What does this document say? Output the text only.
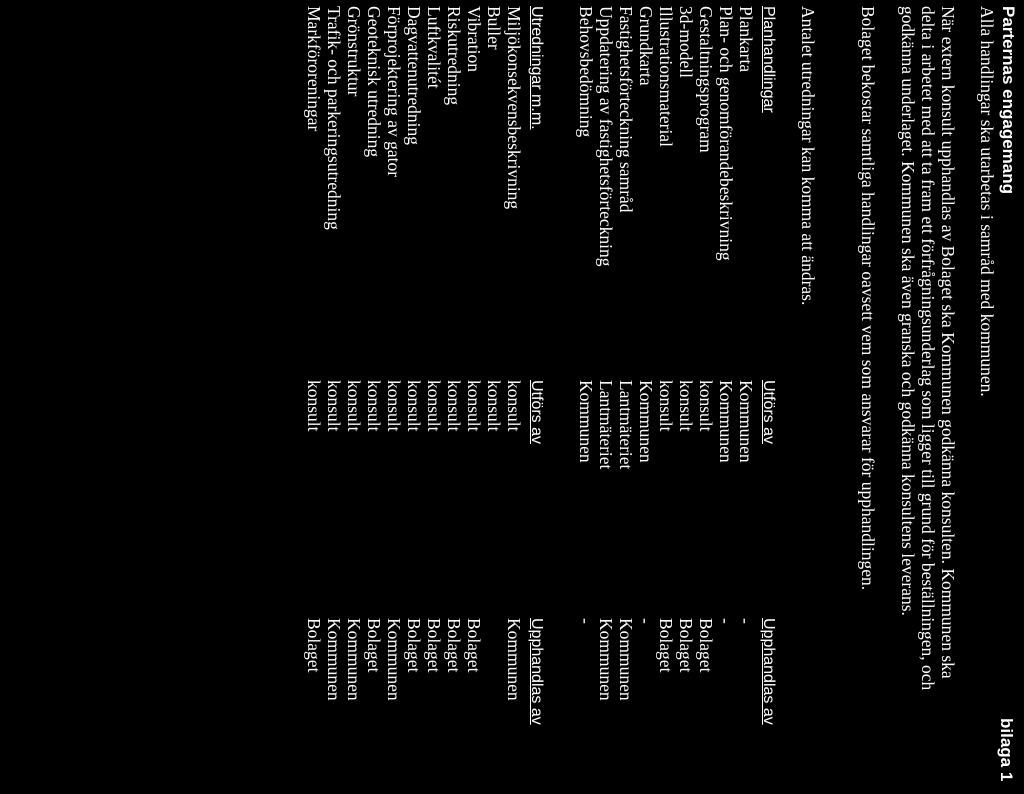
bilaga 1
Parternas engagemang
Alla handlingar ska utarbetas i samråd med kommunen.
När extern konsult upphandlas av Bolaget ska Kommunen godkänna konsulten. Kommunen ska delta i arbetet med att ta fram ett förfrågningsunderlag som ligger till grund för beställningen, och godkänna underlaget. Kommunen ska även granska och godkänna konsultens leverans.
Bolaget bekostar samtliga handlingar oavsett vem som ansvarar för upphandlingen.
Antalet utredningar kan komma att ändras.
Planhandlingar
Utförs av
Upphandlas av
Plankarta
Kommunen
-
Plan- och genomförandebeskrivning
Kommunen
-
Gestaltningsprogram
konsult
Bolaget
3d-modell
konsult
Bolaget
Illustrationsmaterial
konsult
Bolaget
Grundkarta
Kommunen
-
Fastighetsförteckning samråd
Lantmäteriet
Kommunen
Uppdatering av fastighetsförteckning
Lantmäteriet
Kommunen
Behovsbedömning
Kommunen
-
Utredningar m.m.
Utförs av
Upphandlas av
Miljökonsekvensbeskrivning
konsult
Kommunen
Buller
konsult
Vibration
konsult
Bolaget
Riskutredning
konsult
Bolaget
Luftkvalitét
konsult
Bolaget
Dagvattenutredning
konsult
Bolaget
Förprojektering av gator
konsult
Kommunen
Geoteknisk utredning
konsult
Bolaget
Grönstruktur
konsult
Kommunen
Trafik- och parkeringsutredning
konsult
Kommunen
Markföroreningar
konsult
Bolaget
